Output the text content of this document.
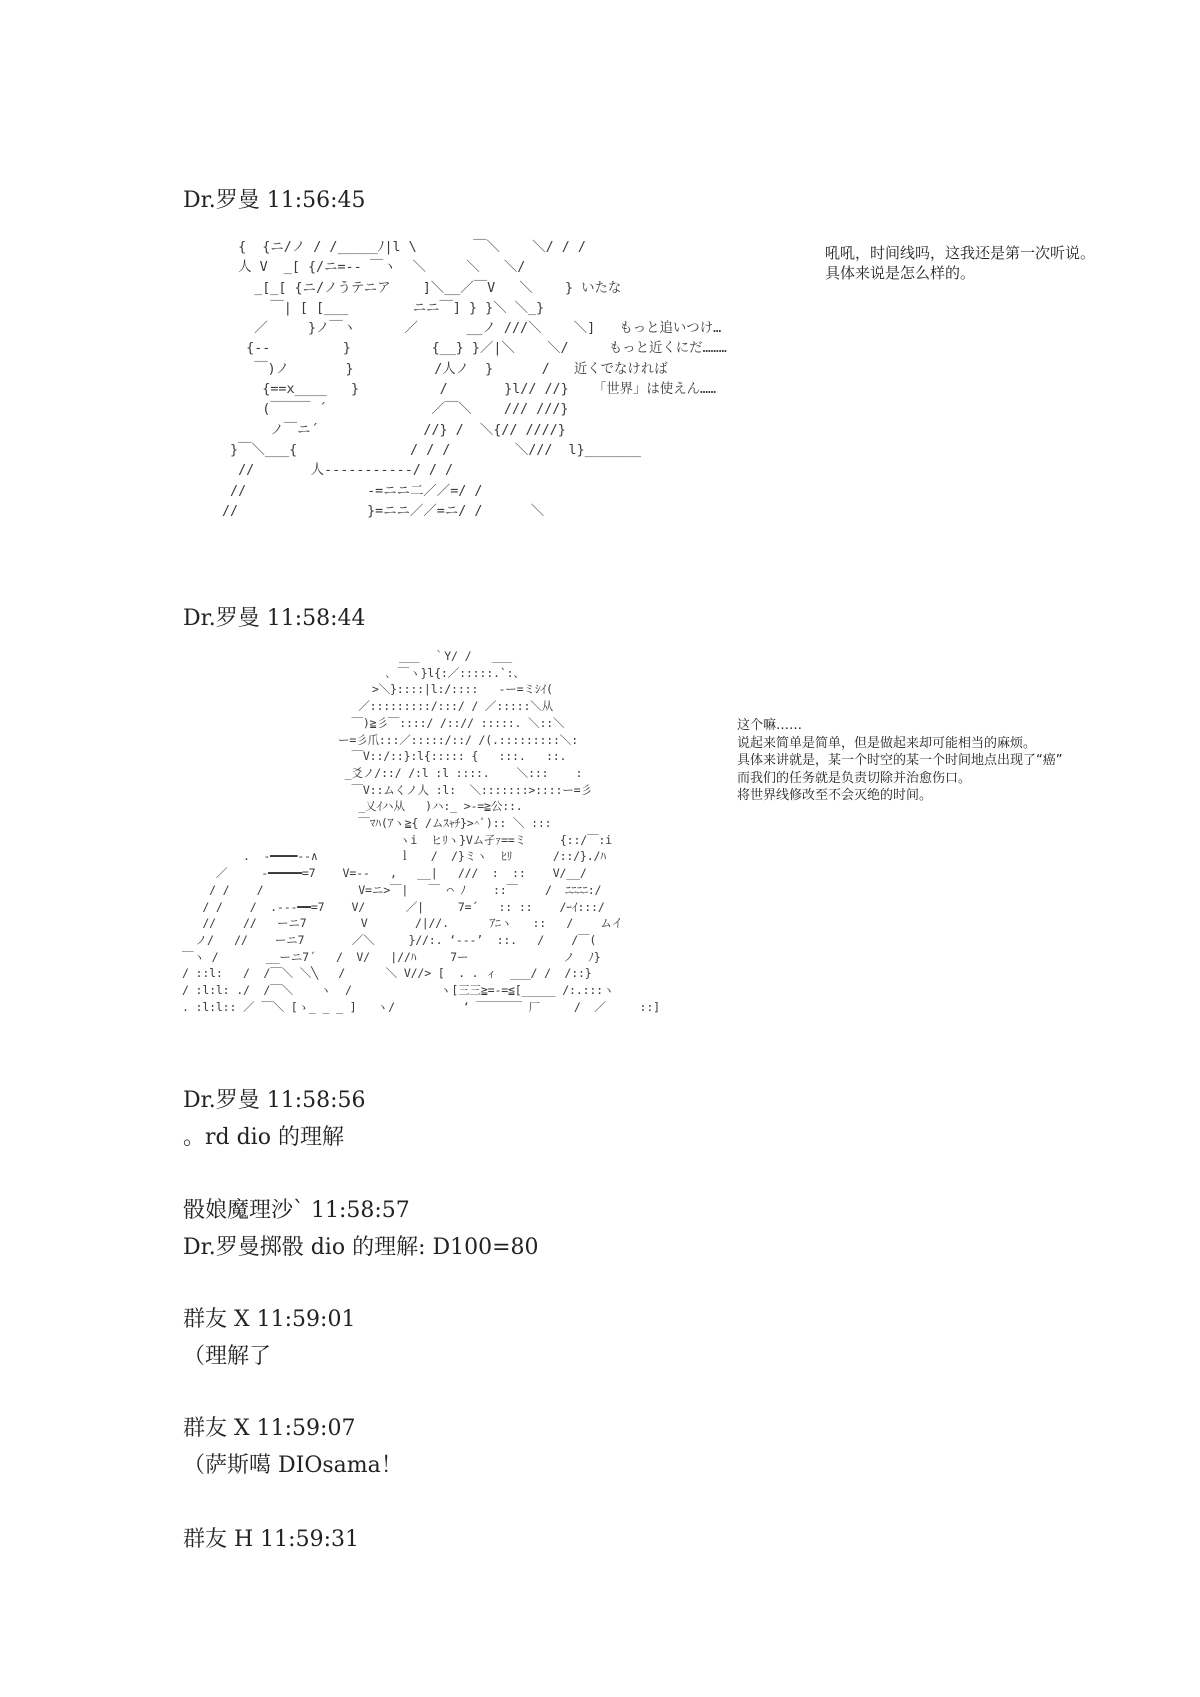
Dr.罗曼 11:56:45
{  {ニ/ノ / /_____ﾉ|l \       ￣＼    ＼/ / /
人 V  _[ {/ニ=-- ￣ヽ  ＼     ＼   ＼/
_[_[ {ニ/ノうテニア    ]＼__／￣V   ＼    } いたな
￣| [ [___        ニニ￣] } }＼ ＼_}
／     }ノ￣ヽ      ／      __ノ ///＼    ＼]   もっと追いつけ…
{--         }          {__} }／|＼    ＼/     もっと近くにだ………
￣)ノ       }          /人ノ  }      /   近くでなければ
{==x____   }          /       }l// //}   「世界」は使えん……
(￣￣￣ ´             ／￣＼    /// ///}
ノ￣ニ´             //} /  ＼{// ////}
}￣＼___{              / / /        ＼///  l}_______
//       人-----------/ / /
//               -=ニニ二／／=/ /
//                }=ニニ／／=ニ/ /      ＼
吼吼，时间线吗，这我还是第一次听说。
具体来说是怎么样的。
Dr.罗曼 11:58:44
___  ｀Y/ /   ___
､ ￣ヽ}l{:／:::::.`:、
>＼}::::|l:/::::   -ー=ミｼｲ(
／:::::::::/:::/ / ／:::::＼从
￣)≧彡￣::::/ /::// :::::. ＼::＼
ー=彡爪:::／:::::/::/ /(.:::::::::＼:
￣V::/::}:l{::::: {   :::.   ::.
_爻ノ/::/ /:l :l ::::.    ＼:::    :
￣V::ムくノ人 :l:  ＼:::::::>::::ー=彡
_乂ｲハ从   )ハ:_ >-=≧公::.
￣ﾏﾊ(ｱヽ≧{ /ムｽｬﾁ}>^ﾟ):: ＼ :::
ヽi  ヒﾘヽ}Vム孑ｧ==ミ     {::/￣:i
.  -━━━━--∧            ｌ   /  /}ミヽ  ﾋﾘ      /::/}./ﾊ
／     -━━━━━=7    V=--   ,   __|   ///  :  ::    V/__/
/ /    /              V=ニ>￣|   ￣ ⌒ ﾉ    ::￣    /  ﾆﾆﾆﾆ:/
/ /    /  .---━━=7    V/      ／|     7=´   :: ::    /ｰｲ:::/
//    //   ーニ7        V       /|//.      ｱﾆヽ   ::   /    ムイ
ノ/   //    ーニ7       ／＼     }//:. ‘---’  ::.   /    /￣(
￣ヽ /       __ーニ7´   /  V/   |//ﾊ     7ー              ノ  ﾉ}
/ ::l:   /  /￣＼ ＼╲   /      ＼ V//> [  . . ィ  ___/ /  /::}
/ :l:l: ./  /￣＼    ヽ  /             ヽ[三三≧=-=≦[_____ /:.:::ヽ
. :l:l:: ／ ￣＼ [ゝ_ _ _ ]   ヽ/          ‘ ￣￣￣￣ 厂     /  ／     ::]
这个嘛……
说起来简单是简单，但是做起来却可能相当的麻烦。
具体来讲就是，某一个时空的某一个时间地点出现了“癌”
而我们的任务就是负责切除并治愈伤口。
将世界线修改至不会灭绝的时间。
Dr.罗曼 11:58:56
。rd dio 的理解
骰娘魔理沙` 11:58:57
Dr.罗曼掷骰 dio 的理解: D100=80
群友 X 11:59:01
（理解了
群友 X 11:59:07
（萨斯噶 DIOsama！
群友 H 11:59:31
